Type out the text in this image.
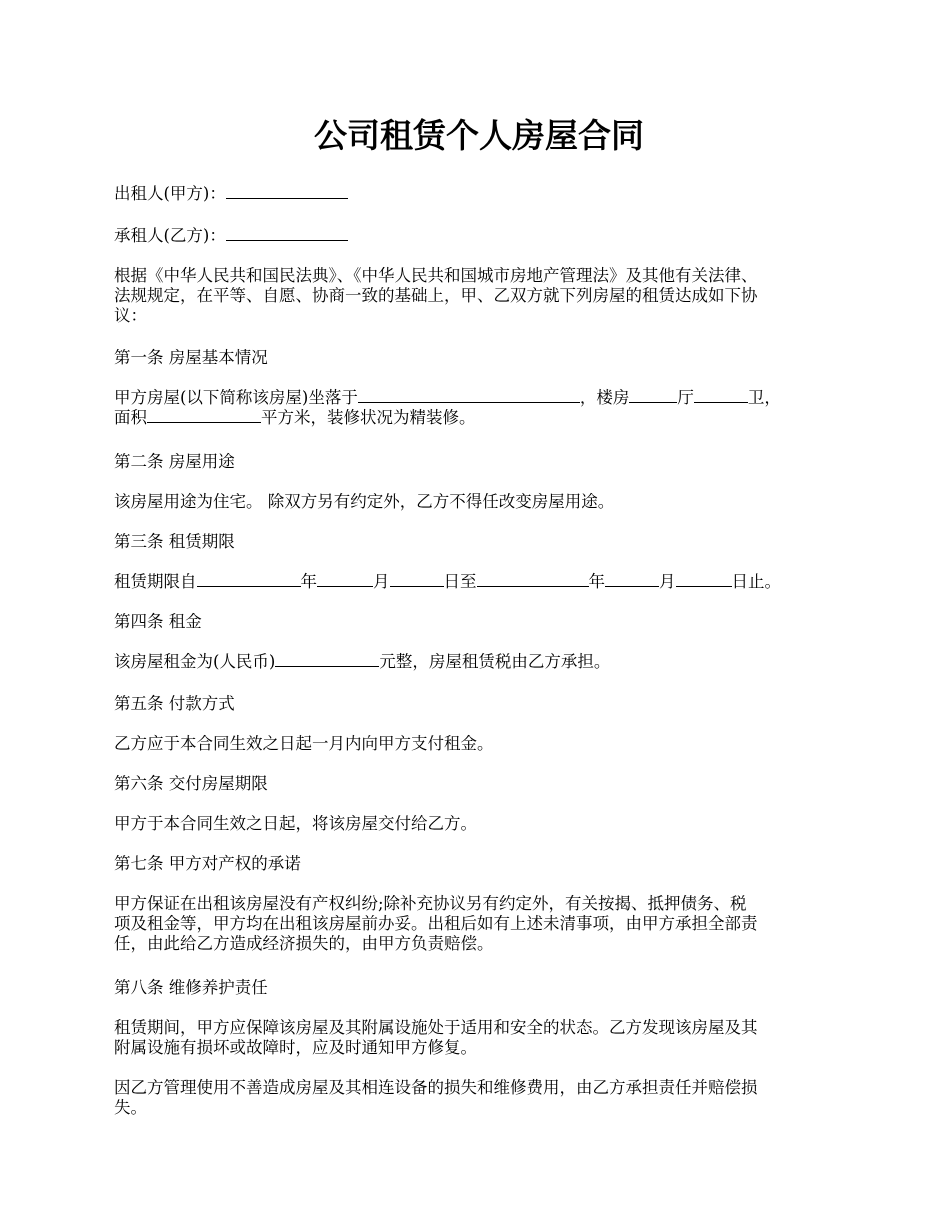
公司租赁个人房屋合同

出租人(甲方)：

承租人(乙方)：

根据《中华人民共和国民法典》、《中华人民共和国城市房地产管理法》及其他有关法律、
法规规定，在平等、自愿、协商一致的基础上，甲、乙双方就下列房屋的租赁达成如下协
议：

第一条 房屋基本情况

甲方房屋(以下简称该房屋)坐落于	，楼房	厅	卫，
面积	平方米，装修状况为精装修。

第二条 房屋用途

该房屋用途为住宅。 除双方另有约定外，乙方不得任改变房屋用途。

第三条 租赁期限

租赁期限自	年	月	日至	年	月	日止。

第四条 租金

该房屋租金为(人民币)	元整，房屋租赁税由乙方承担。

第五条 付款方式

乙方应于本合同生效之日起一月内向甲方支付租金。

第六条 交付房屋期限

甲方于本合同生效之日起，将该房屋交付给乙方。

第七条 甲方对产权的承诺

甲方保证在出租该房屋没有产权纠纷;除补充协议另有约定外，有关按揭、抵押债务、税
项及租金等，甲方均在出租该房屋前办妥。出租后如有上述未清事项，由甲方承担全部责
任，由此给乙方造成经济损失的，由甲方负责赔偿。

第八条 维修养护责任

租赁期间，甲方应保障该房屋及其附属设施处于适用和安全的状态。乙方发现该房屋及其
附属设施有损坏或故障时，应及时通知甲方修复。

因乙方管理使用不善造成房屋及其相连设备的损失和维修费用，由乙方承担责任并赔偿损
失。
